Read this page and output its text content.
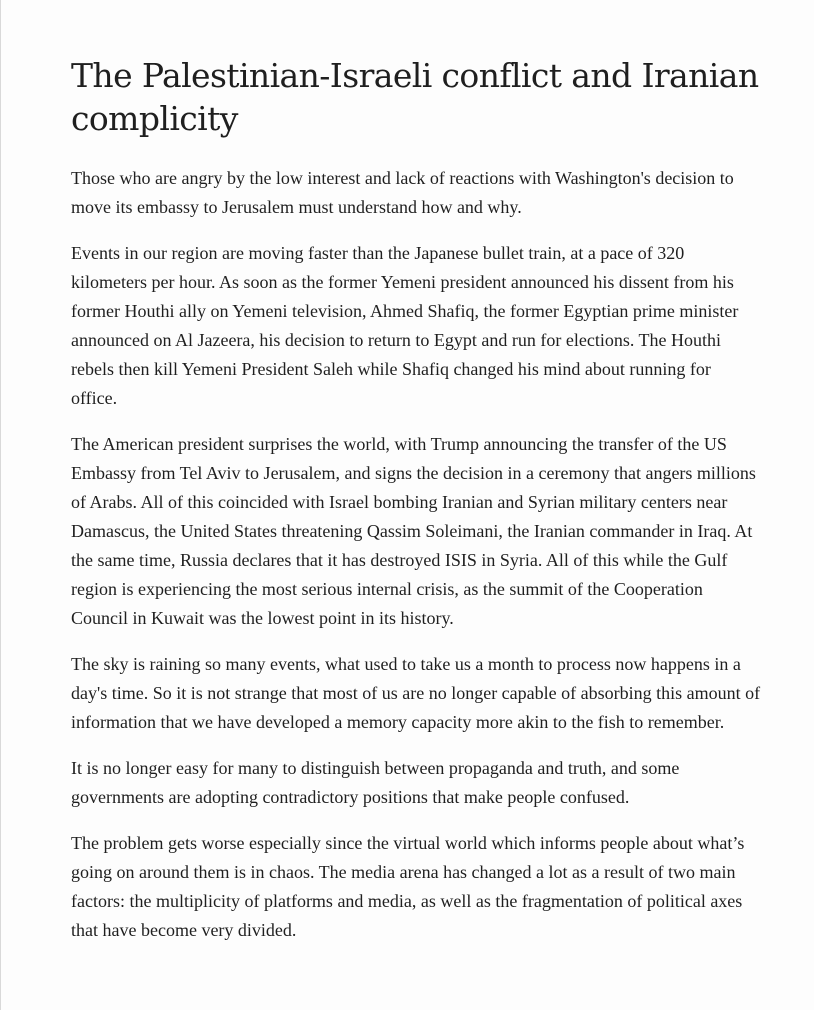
The Palestinian-Israeli conflict and Iranian complicity

Those who are angry by the low interest and lack of reactions with Washington's decision to move its embassy to Jerusalem must understand how and why.

Events in our region are moving faster than the Japanese bullet train, at a pace of 320 kilometers per hour. As soon as the former Yemeni president announced his dissent from his former Houthi ally on Yemeni television, Ahmed Shafiq, the former Egyptian prime minister announced on Al Jazeera, his decision to return to Egypt and run for elections. The Houthi rebels then kill Yemeni President Saleh while Shafiq changed his mind about running for office.

The American president surprises the world, with Trump announcing the transfer of the US Embassy from Tel Aviv to Jerusalem, and signs the decision in a ceremony that angers millions of Arabs. All of this coincided with Israel bombing Iranian and Syrian military centers near Damascus, the United States threatening Qassim Soleimani, the Iranian commander in Iraq. At the same time, Russia declares that it has destroyed ISIS in Syria. All of this while the Gulf region is experiencing the most serious internal crisis, as the summit of the Cooperation Council in Kuwait was the lowest point in its history.

The sky is raining so many events, what used to take us a month to process now happens in a day's time. So it is not strange that most of us are no longer capable of absorbing this amount of information that we have developed a memory capacity more akin to the fish to remember.

It is no longer easy for many to distinguish between propaganda and truth, and some governments are adopting contradictory positions that make people confused.

The problem gets worse especially since the virtual world which informs people about what’s going on around them is in chaos. The media arena has changed a lot as a result of two main factors: the multiplicity of platforms and media, as well as the fragmentation of political axes that have become very divided.
